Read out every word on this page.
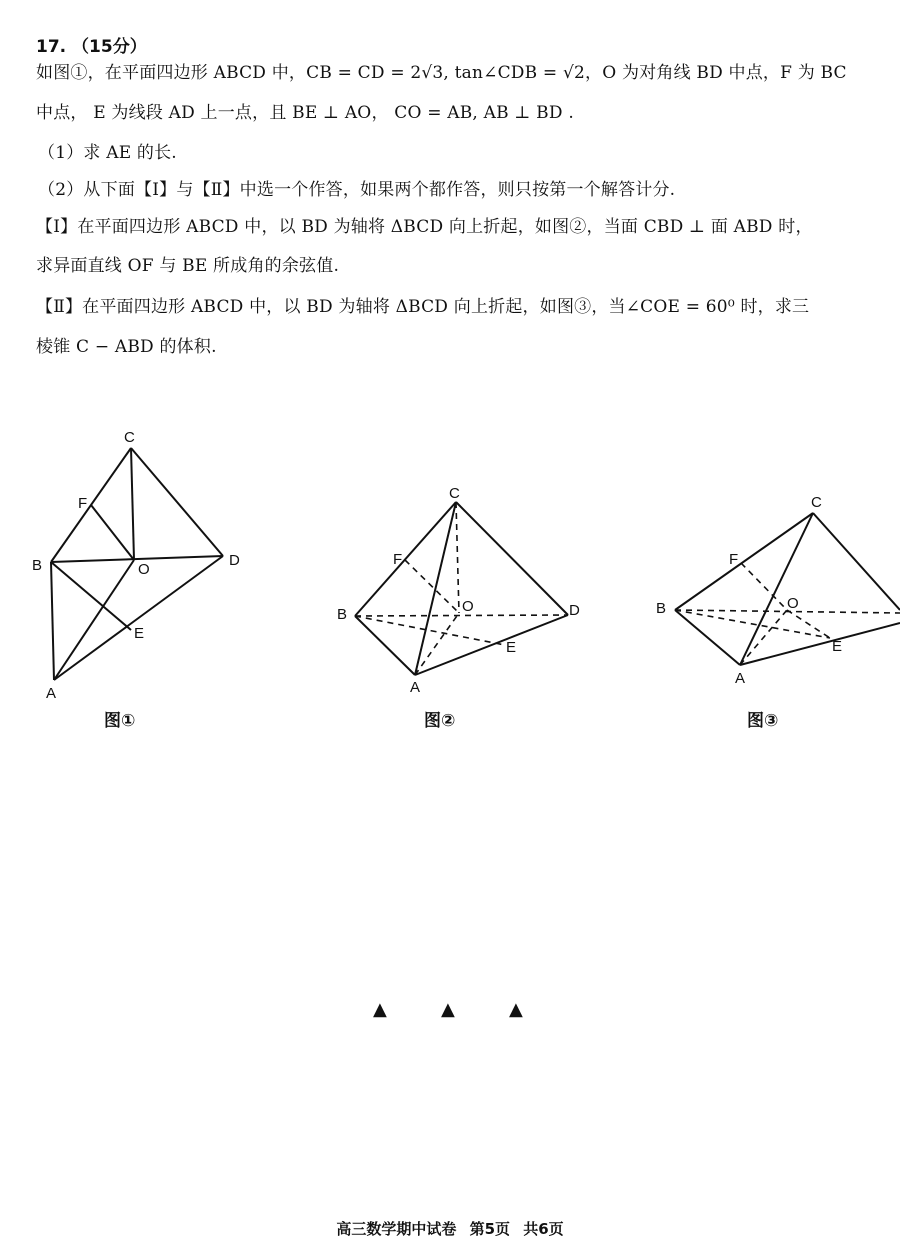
17. （15分）
如图①，在平面四边形 ABCD 中，CB = CD = 2√3, tan∠CDB = √2，O 为对角线 BD 中点，F 为 BC
中点， E 为线段 AD 上一点，且 BE ⊥ AO， CO = AB, AB ⊥ BD .
（1）求 AE 的长.
（2）从下面【Ⅰ】与【Ⅱ】中选一个作答，如果两个都作答，则只按第一个解答计分.
【Ⅰ】在平面四边形 ABCD 中，以 BD 为轴将 ΔBCD 向上折起，如图②，当面 CBD ⊥ 面 ABD 时，
求异面直线 OF 与 BE 所成角的余弦值.
【Ⅱ】在平面四边形 ABCD 中，以 BD 为轴将 ΔBCD 向上折起，如图③，当∠COE = 60⁰ 时，求三
棱锥 C − ABD 的体积.
C
F
B	O
D
E
A
C
F
B	O	D
E
A
C
F
B	O
E
A
图①	图②	图③
▲	▲	▲
高三数学期中试卷 第5页 共6页
